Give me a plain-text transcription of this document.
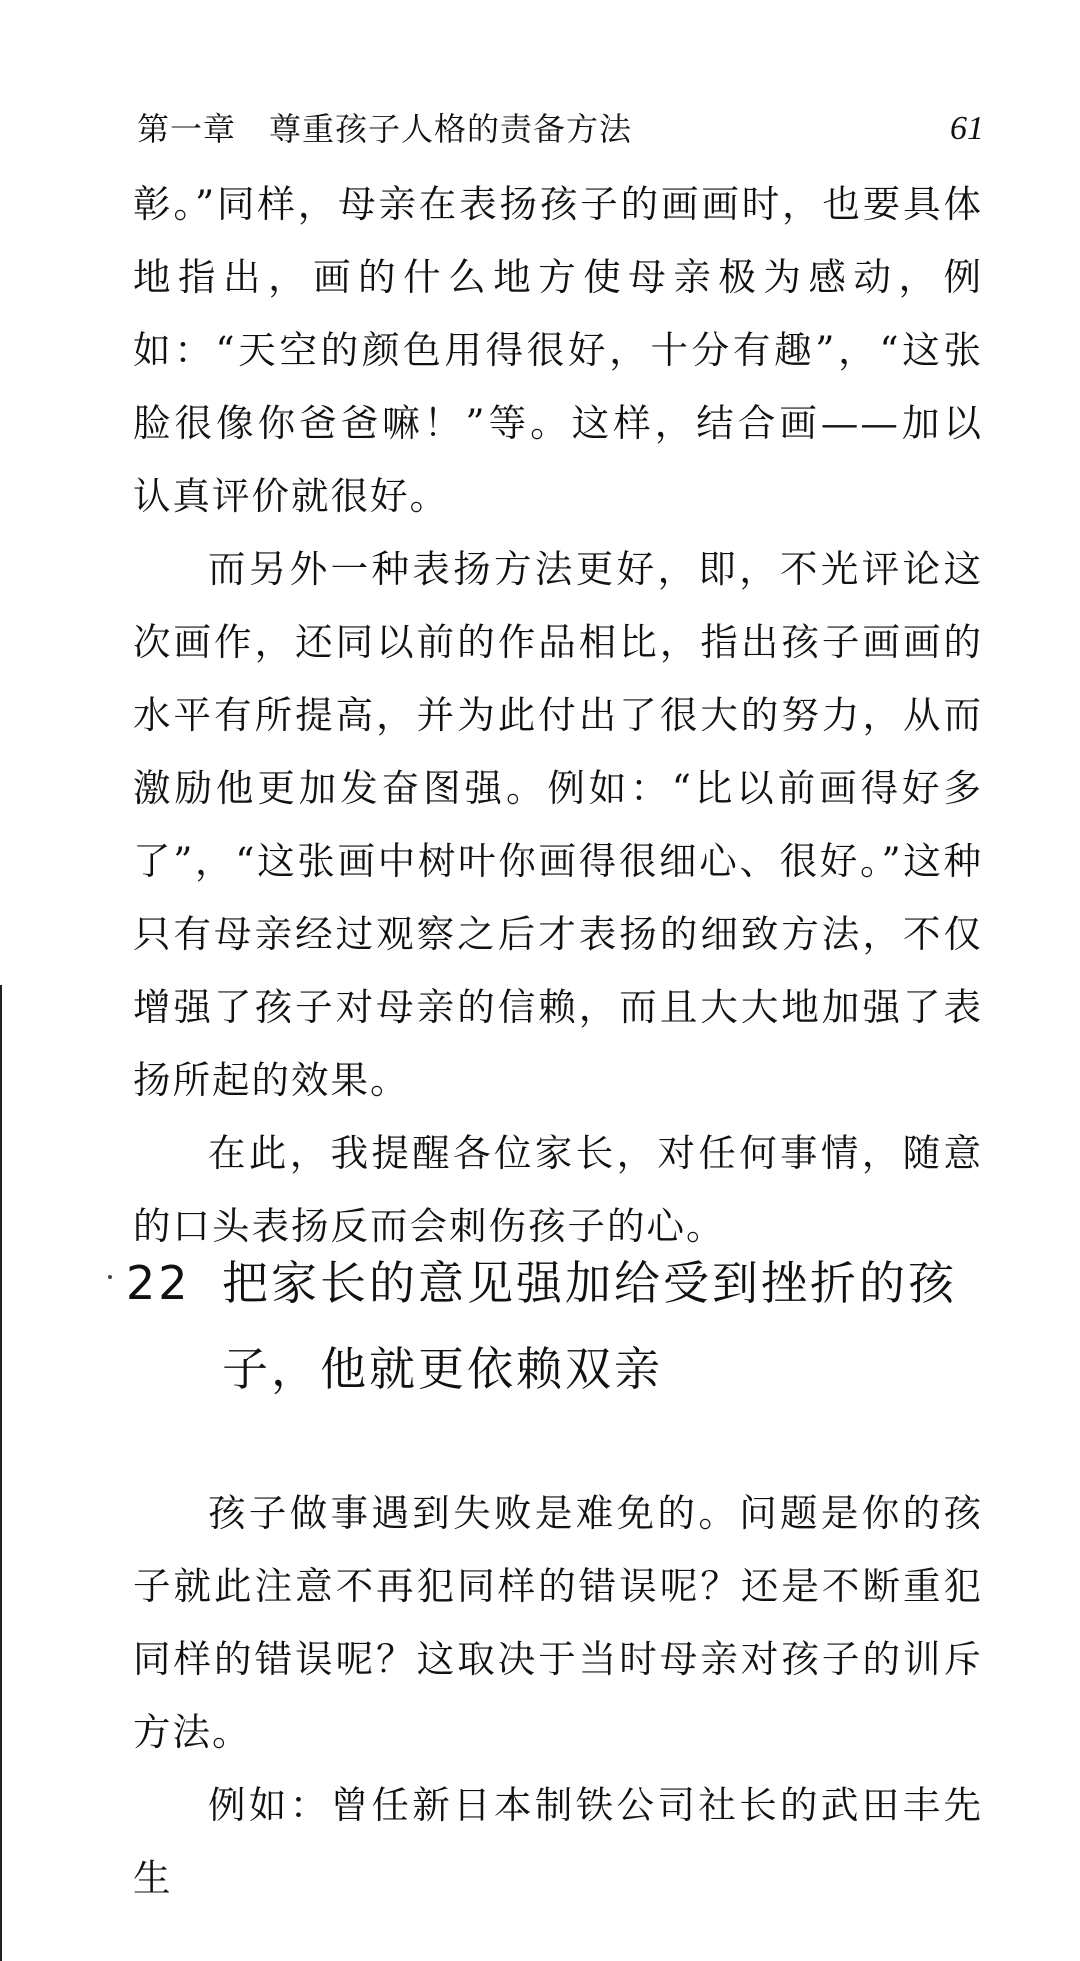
第一章　尊重孩子人格的责备方法	61

彰。”同样，母亲在表扬孩子的画画时，也要具体地指出，画的什么地方使母亲极为感动，例如：“天空的颜色用得很好，十分有趣”，“这张脸很像你爸爸嘛！”等。这样，结合画——加以认真评价就很好。

而另外一种表扬方法更好，即，不光评论这次画作，还同以前的作品相比，指出孩子画画的水平有所提高，并为此付出了很大的努力，从而激励他更加发奋图强。例如：“比以前画得好多了”，“这张画中树叶你画得很细心、很好。”这种只有母亲经过观察之后才表扬的细致方法，不仅增强了孩子对母亲的信赖，而且大大地加强了表扬所起的效果。

在此，我提醒各位家长，对任何事情，随意的口头表扬反而会刺伤孩子的心。

22 把家长的意见强加给受到挫折的孩子，他就更依赖双亲

孩子做事遇到失败是难免的。问题是你的孩子就此注意不再犯同样的错误呢？还是不断重犯同样的错误呢？这取决于当时母亲对孩子的训斥方法。

例如：曾任新日本制铁公司社长的武田丰先生
